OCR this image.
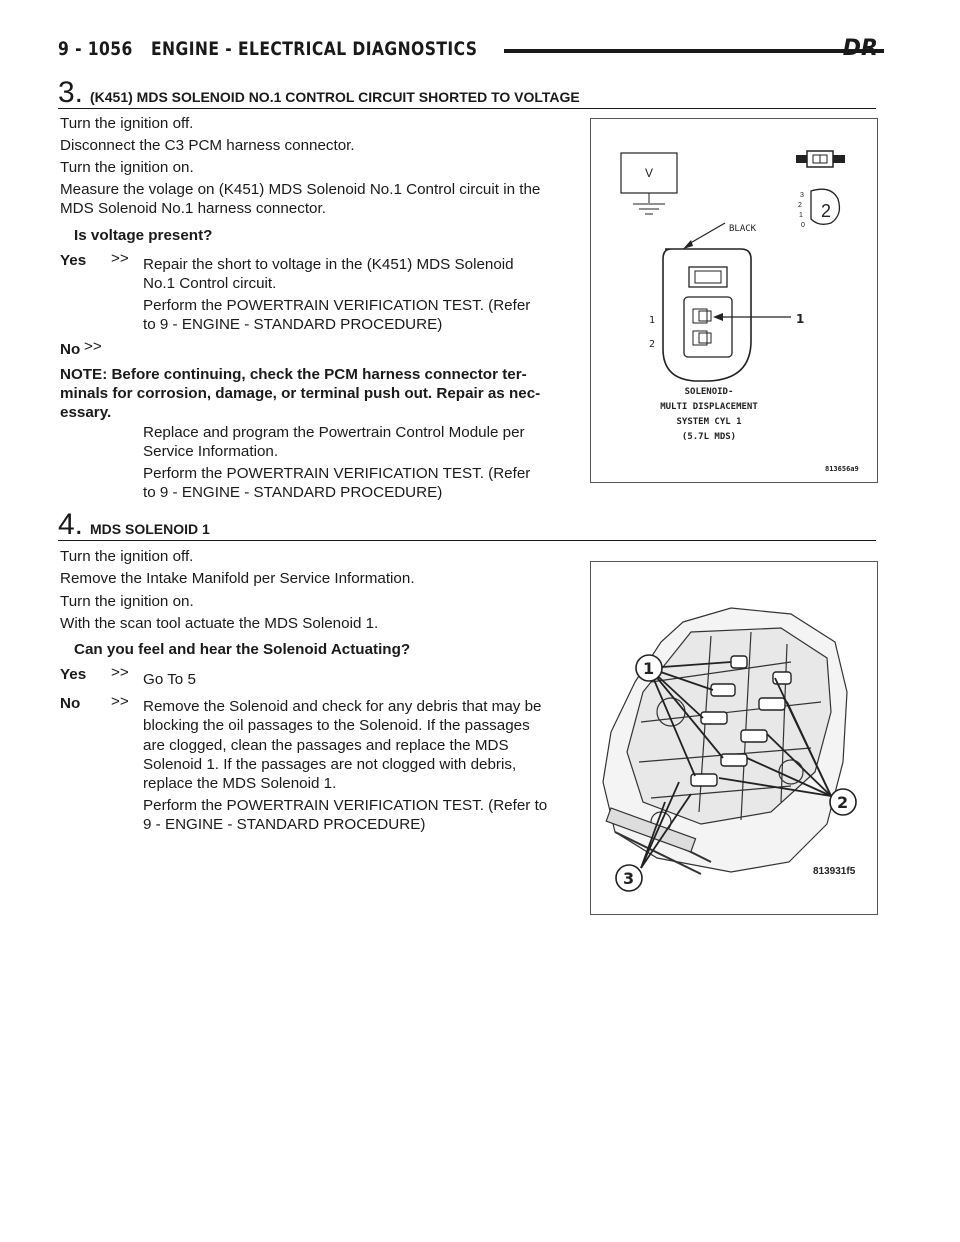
9 - 1056 ENGINE - ELECTRICAL DIAGNOSTICS	DR
3. (K451) MDS SOLENOID NO.1 CONTROL CIRCUIT SHORTED TO VOLTAGE
Turn the ignition off.
Disconnect the C3 PCM harness connector.
Turn the ignition on.
Measure the volage on (K451) MDS Solenoid No.1 Control circuit in the
MDS Solenoid No.1 harness connector.
Is voltage present?
Yes >> Repair the short to voltage in the (K451) MDS Solenoid
No.1 Control circuit.
Perform the POWERTRAIN VERIFICATION TEST. (Refer
to 9 - ENGINE - STANDARD PROCEDURE)
No >>
NOTE: Before continuing, check the PCM harness connector ter-
minals for corrosion, damage, or terminal push out. Repair as nec-
essary.
Replace and program the Powertrain Control Module per
Service Information.
Perform the POWERTRAIN VERIFICATION TEST. (Refer
to 9 - ENGINE - STANDARD PROCEDURE)
V
3
2
1
0
2
BLACK
1
2
1
SOLENOID-
MULTI DISPLACEMENT
SYSTEM CYL 1
(5.7L MDS)
813656a9
4. MDS SOLENOID 1
Turn the ignition off.
Remove the Intake Manifold per Service Information.
Turn the ignition on.
With the scan tool actuate the MDS Solenoid 1.
Can you feel and hear the Solenoid Actuating?
Yes >> Go To 5
No >> Remove the Solenoid and check for any debris that may be
blocking the oil passages to the Solenoid. If the passages
are clogged, clean the passages and replace the MDS
Solenoid 1. If the passages are not clogged with debris,
replace the MDS Solenoid 1.
Perform the POWERTRAIN VERIFICATION TEST. (Refer to
9 - ENGINE - STANDARD PROCEDURE)
1
2
3	813931f5
